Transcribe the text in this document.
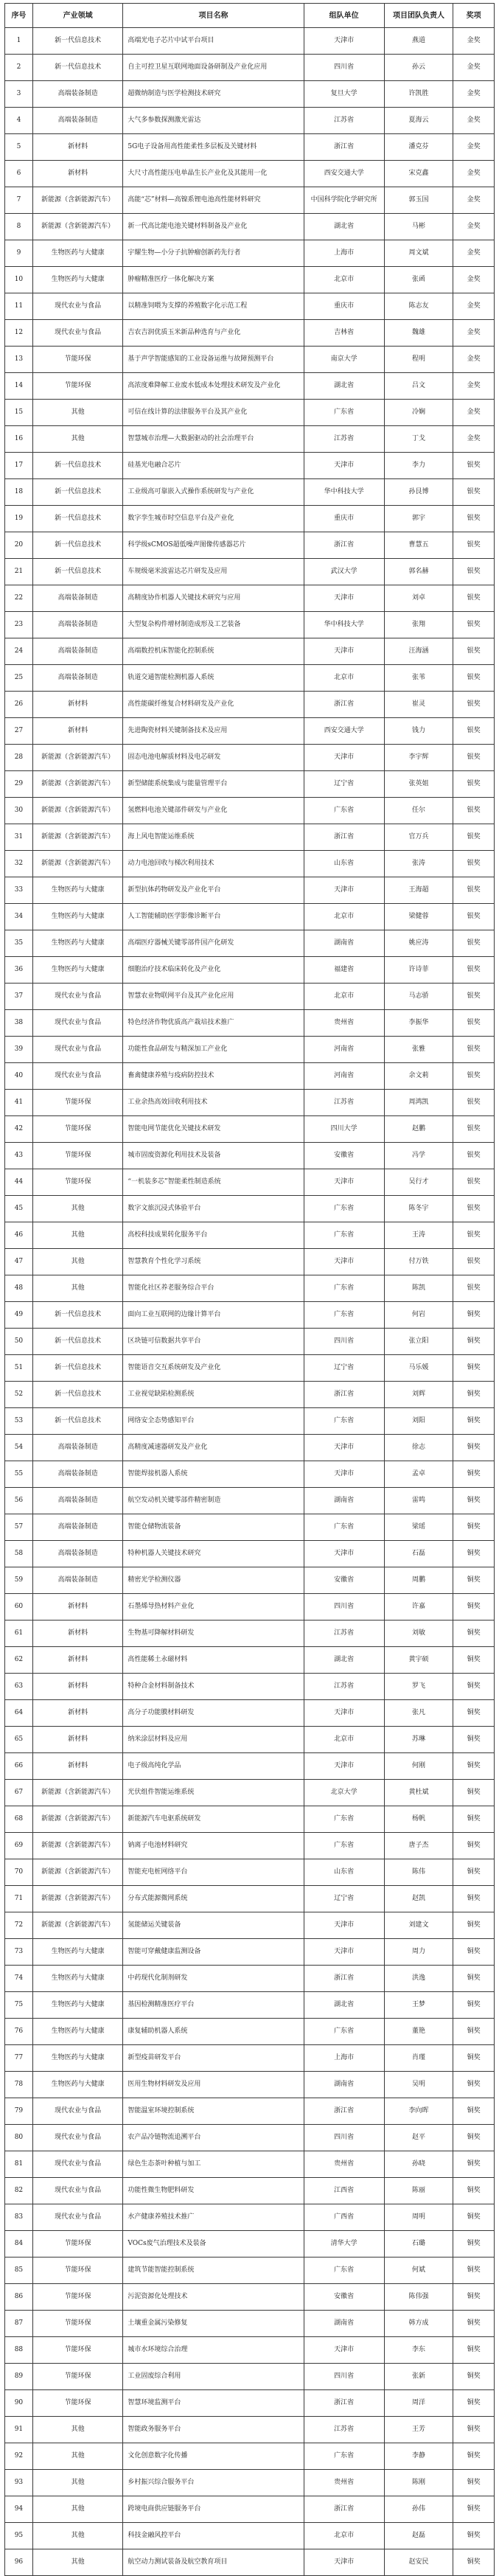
序号	产业领域	项目名称	组队单位	项目团队负责人	奖项
1	新一代信息技术	高端光电子芯片中试平台项目	天津市	燕道	金奖
2	新一代信息技术	自主可控卫星互联网地面设备研制及产业化应用	四川省	孙云	金奖
3	高端装备制造	超微纳制造与医学检测技术研究	复旦大学	许凯胜	金奖
4	高端装备制造	大气多参数探测激光雷达	江苏省	夏海云	金奖
5	新材料	5G电子设备用高性能柔性多层板及关键材料	浙江省	潘克芬	金奖
6	新材料	大尺寸高性能压电单晶生长产业化及其能用一化	西安交通大学	宋克鑫	金奖
7	新能源（含新能源汽车）	高能“芯”材料—高镍系锂电池高性能材料研究	中国科学院化学研究所	郭玉国	金奖
8	新能源（含新能源汽车）	新一代高比能电池关键材料制备及产业化	湖北省	马彬	金奖
9	生物医药与大健康	宇耀生物—小分子抗肿瘤创新药先行者	上海市	周文斌	金奖
10	生物医药与大健康	肿瘤精准医疗一体化解决方案	北京市	张函	金奖
11	现代农业与食品	以精准饲喂为支撑的养殖数字化示范工程	重庆市	陈志友	金奖
12	现代农业与食品	吉农吉润优质玉米新品种选育与产业化	吉林省	魏雄	金奖
13	节能环保	基于声学智能感知的工业设备运维与故障预测平台	南京大学	程明	金奖
14	节能环保	高浓度难降解工业废水低成本处理技术研发及产业化	湖北省	吕文	金奖
15	其他	可信在线计算的法律服务平台及其产业化	广东省	冷娴	金奖
16	其他	智慧城市治理—大数据驱动的社会治理平台	江苏省	丁戈	金奖
17	新一代信息技术	硅基光电融合芯片	天津市	李力	银奖
18	新一代信息技术	工业级高可靠嵌入式操作系统研发与产业化	华中科技大学	孙艮博	银奖
19	新一代信息技术	数字孪生城市时空信息平台及产业化	重庆市	郭宇	银奖
20	新一代信息技术	科学级sCMOS超低噪声图像传感器芯片	浙江省	曹慧五	银奖
21	新一代信息技术	车规级毫米波雷达芯片研发及应用	武汉大学	郭名赫	银奖
22	高端装备制造	高精度协作机器人关键技术研究与应用	天津市	刘卓	银奖
23	高端装备制造	大型复杂构件增材制造成形及工艺装备	华中科技大学	张翔	银奖
24	高端装备制造	高端数控机床智能化控制系统	天津市	汪海涵	银奖
25	高端装备制造	轨道交通智能检测机器人系统	北京市	张苇	银奖
26	新材料	高性能碳纤维复合材料研发及产业化	浙江省	崔灵	银奖
27	新材料	先进陶瓷材料关键制备技术及应用	西安交通大学	钱力	银奖
28	新能源（含新能源汽车）	固态电池电解质材料及电芯研发	天津市	李宇辉	银奖
29	新能源（含新能源汽车）	新型储能系统集成与能量管理平台	辽宁省	张英姐	银奖
30	新能源（含新能源汽车）	氢燃料电池关键部件研发与产业化	广东省	任尔	银奖
31	新能源（含新能源汽车）	海上风电智能运维系统	浙江省	官万兵	银奖
32	新能源（含新能源汽车）	动力电池回收与梯次利用技术	山东省	张涛	银奖
33	生物医药与大健康	新型抗体药物研发及产业化平台	天津市	王海超	银奖
34	生物医药与大健康	人工智能辅助医学影像诊断平台	北京市	梁健蓉	银奖
35	生物医药与大健康	高端医疗器械关键零部件国产化研发	湖南省	姚应涛	银奖
36	生物医药与大健康	细胞治疗技术临床转化及产业化	福建省	许诗菲	银奖
37	现代农业与食品	智慧农业物联网平台及其产业化应用	北京市	马志骄	银奖
38	现代农业与食品	特色经济作物优质高产栽培技术推广	贵州省	李振华	银奖
39	现代农业与食品	功能性食品研发与精深加工产业化	河南省	张雅	银奖
40	现代农业与食品	畜禽健康养殖与疫病防控技术	河南省	余文莉	银奖
41	节能环保	工业余热高效回收利用技术	江苏省	周鸿凯	银奖
42	节能环保	智能电网节能优化关键技术研发	四川大学	赵鹏	银奖
43	节能环保	城市固废资源化利用技术及装备	安徽省	冯学	银奖
44	节能环保	“一机装多芯”智能柔性制造系统	天津市	吴行才	银奖
45	其他	数字文旅沉浸式体验平台	广东省	陈冬宇	银奖
46	其他	高校科技成果转化服务平台	广东省	王涛	银奖
47	其他	智慧教育个性化学习系统	天津市	付万铁	银奖
48	其他	智能化社区养老服务综合平台	广东省	陈凯	银奖
49	新一代信息技术	面向工业互联网的边缘计算平台	广东省	何岩	铜奖
50	新一代信息技术	区块链可信数据共享平台	四川省	张立阳	铜奖
51	新一代信息技术	智能语音交互系统研发及产业化	辽宁省	马乐媛	铜奖
52	新一代信息技术	工业视觉缺陷检测系统	浙江省	刘辉	铜奖
53	新一代信息技术	网络安全态势感知平台	广东省	刘阳	铜奖
54	高端装备制造	高精度减速器研发及产业化	天津市	徐志	铜奖
55	高端装备制造	智能焊接机器人系统	天津市	孟卓	铜奖
56	高端装备制造	航空发动机关键零部件精密制造	湖南省	雷鸣	铜奖
57	高端装备制造	智能仓储物流装备	广东省	梁瑶	铜奖
58	高端装备制造	特种机器人关键技术研究	天津市	石磊	铜奖
59	高端装备制造	精密光学检测仪器	安徽省	周鹏	铜奖
60	新材料	石墨烯导热材料产业化	四川省	许嘉	铜奖
61	新材料	生物基可降解材料研发	江苏省	刘敏	铜奖
62	新材料	高性能稀土永磁材料	湖北省	黄宇硕	铜奖
63	新材料	特种合金材料制备技术	江苏省	罗飞	铜奖
64	新材料	高分子功能膜材料研发	天津市	张凡	铜奖
65	新材料	纳米涂层材料及应用	北京市	苏琳	铜奖
66	新材料	电子级高纯化学品	天津市	何刚	铜奖
67	新能源（含新能源汽车）	光伏组件智能运维系统	北京大学	黄杜斌	铜奖
68	新能源（含新能源汽车）	新能源汽车电驱系统研发	广东省	杨帆	铜奖
69	新能源（含新能源汽车）	钠离子电池材料研究	广东省	唐子杰	铜奖
70	新能源（含新能源汽车）	智能充电桩网络平台	山东省	陈伟	铜奖
71	新能源（含新能源汽车）	分布式能源微网系统	辽宁省	赵凯	铜奖
72	新能源（含新能源汽车）	氢能储运关键装备	天津市	刘建文	铜奖
73	生物医药与大健康	智能可穿戴健康监测设备	天津市	周力	铜奖
74	生物医药与大健康	中药现代化制剂研发	浙江省	洪逸	铜奖
75	生物医药与大健康	基因检测精准医疗平台	湖北省	王梦	铜奖
76	生物医药与大健康	康复辅助机器人系统	广东省	董艳	铜奖
77	生物医药与大健康	新型疫苗研发平台	上海市	肖瑾	铜奖
78	生物医药与大健康	医用生物材料研发及应用	湖南省	吴明	铜奖
79	现代农业与食品	智能温室环境控制系统	浙江省	李向晖	铜奖
80	现代农业与食品	农产品冷链物流追溯平台	四川省	赵平	铜奖
81	现代农业与食品	绿色生态茶叶种植与加工	贵州省	孙晓	铜奖
82	现代农业与食品	功能性微生物肥料研发	江西省	陈丽	铜奖
83	现代农业与食品	水产健康养殖技术推广	广西省	周明	铜奖
84	节能环保	VOCs废气治理技术及装备	清华大学	石璐	铜奖
85	节能环保	建筑节能智能控制系统	广东省	何斌	铜奖
86	节能环保	污泥资源化处理技术	安徽省	陈伟强	铜奖
87	节能环保	土壤重金属污染修复	湖南省	韩方成	铜奖
88	节能环保	城市水环境综合治理	天津市	李东	铜奖
89	节能环保	工业固废综合利用	四川省	张新	铜奖
90	节能环保	智慧环境监测平台	浙江省	周洋	铜奖
91	其他	智能政务服务平台	江苏省	王芳	铜奖
92	其他	文化创意数字化传播	广东省	李静	铜奖
93	其他	乡村振兴综合服务平台	贵州省	陈刚	铜奖
94	其他	跨境电商供应链服务平台	浙江省	孙伟	铜奖
95	其他	科技金融风控平台	北京市	赵磊	铜奖
96	其他	航空动力测试装备及航空教育项目	天津市	赵安民	铜奖
